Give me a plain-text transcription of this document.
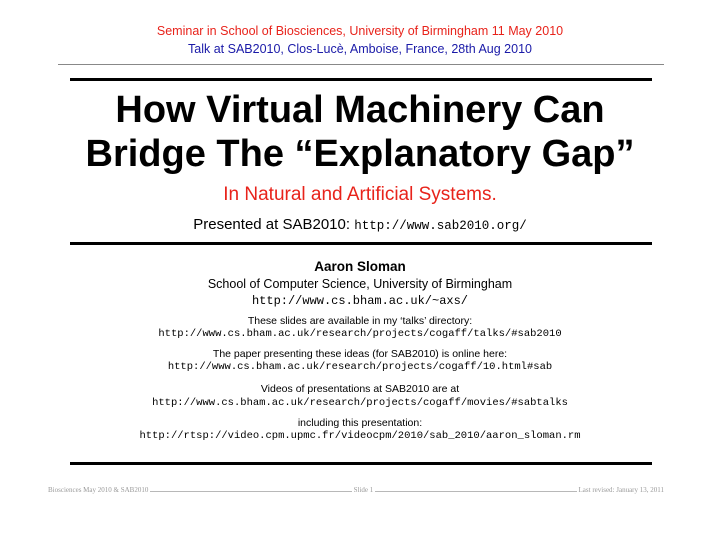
Seminar in School of Biosciences, University of Birmingham 11 May 2010
Talk at SAB2010, Clos-Lucè, Amboise, France, 28th Aug 2010
How Virtual Machinery Can
Bridge The “Explanatory Gap”
In Natural and Artificial Systems.
Presented at SAB2010: http://www.sab2010.org/
Aaron Sloman
School of Computer Science, University of Birmingham
http://www.cs.bham.ac.uk/~axs/
These slides are available in my ‘talks’ directory:
http://www.cs.bham.ac.uk/research/projects/cogaff/talks/#sab2010
The paper presenting these ideas (for SAB2010) is online here:
http://www.cs.bham.ac.uk/research/projects/cogaff/10.html#sab
Videos of presentations at SAB2010 are at
http://www.cs.bham.ac.uk/research/projects/cogaff/movies/#sabtalks
including this presentation:
http://rtsp://video.cpm.upmc.fr/videocpm/2010/sab_2010/aaron_sloman.rm
Biosciences May 2010 & SAB2010	Slide 1	Last revised: January 13, 2011
